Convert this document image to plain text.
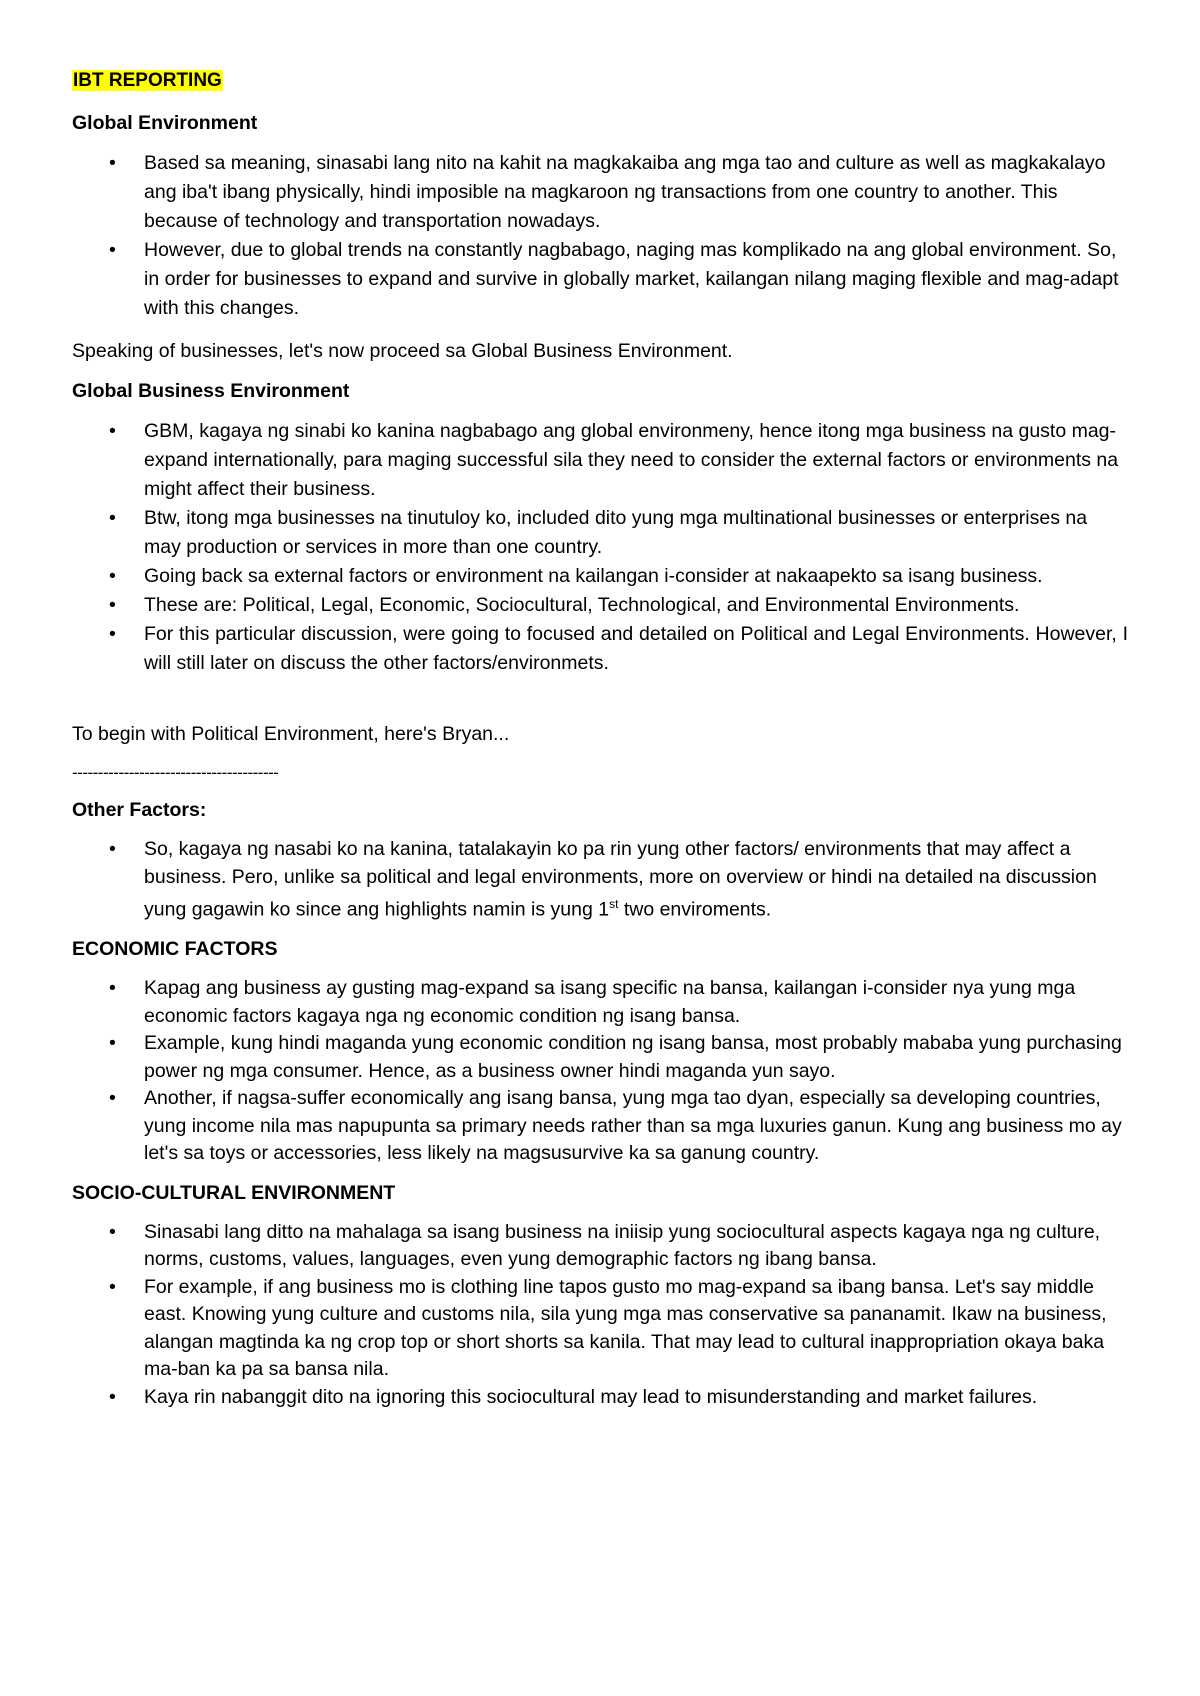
IBT REPORTING
Global Environment
• Based sa meaning, sinasabi lang nito na kahit na magkakaiba ang mga tao and culture as well as magkakalayo ang iba't ibang physically, hindi imposible na magkaroon ng transactions from one country to another. This because of technology and transportation nowadays.
• However, due to global trends na constantly nagbabago, naging mas komplikado na ang global environment. So, in order for businesses to expand and survive in globally market, kailangan nilang maging flexible and mag-adapt with this changes.

Speaking of businesses, let's now proceed sa Global Business Environment.

Global Business Environment
• GBM, kagaya ng sinabi ko kanina nagbabago ang global environmeny, hence itong mga business na gusto mag-expand internationally, para maging successful sila they need to consider the external factors or environments na might affect their business.
• Btw, itong mga businesses na tinutuloy ko, included dito yung mga multinational businesses or enterprises na may production or services in more than one country.
• Going back sa external factors or environment na kailangan i-consider at nakaapekto sa isang business.
• These are: Political, Legal, Economic, Sociocultural, Technological, and Environmental Environments.
• For this particular discussion, were going to focused and detailed on Political and Legal Environments. However, I will still later on discuss the other factors/environmets.

To begin with Political Environment, here's Bryan...

----------------------------------------
Other Factors:
• So, kagaya ng nasabi ko na kanina, tatalakayin ko pa rin yung other factors/ environments that may affect a business. Pero, unlike sa political and legal environments, more on overview or hindi na detailed na discussion yung gagawin ko since ang highlights namin is yung 1st two enviroments.
ECONOMIC FACTORS
• Kapag ang business ay gusting mag-expand sa isang specific na bansa, kailangan i-consider nya yung mga economic factors kagaya nga ng economic condition ng isang bansa.
• Example, kung hindi maganda yung economic condition ng isang bansa, most probably mababa yung purchasing power ng mga consumer. Hence, as a business owner hindi maganda yun sayo.
• Another, if nagsa-suffer economically ang isang bansa, yung mga tao dyan, especially sa developing countries, yung income nila mas napupunta sa primary needs rather than sa mga luxuries ganun. Kung ang business mo ay let's sa toys or accessories, less likely na magsusurvive ka sa ganung country.
SOCIO-CULTURAL ENVIRONMENT
• Sinasabi lang ditto na mahalaga sa isang business na iniisip yung sociocultural aspects kagaya nga ng culture, norms, customs, values, languages, even yung demographic factors ng ibang bansa.
• For example, if ang business mo is clothing line tapos gusto mo mag-expand sa ibang bansa. Let's say middle east. Knowing yung culture and customs nila, sila yung mga mas conservative sa pananamit. Ikaw na business, alangan magtinda ka ng crop top or short shorts sa kanila. That may lead to cultural inappropriation okaya baka ma-ban ka pa sa bansa nila.
• Kaya rin nabanggit dito na ignoring this sociocultural may lead to misunderstanding and market failures.
